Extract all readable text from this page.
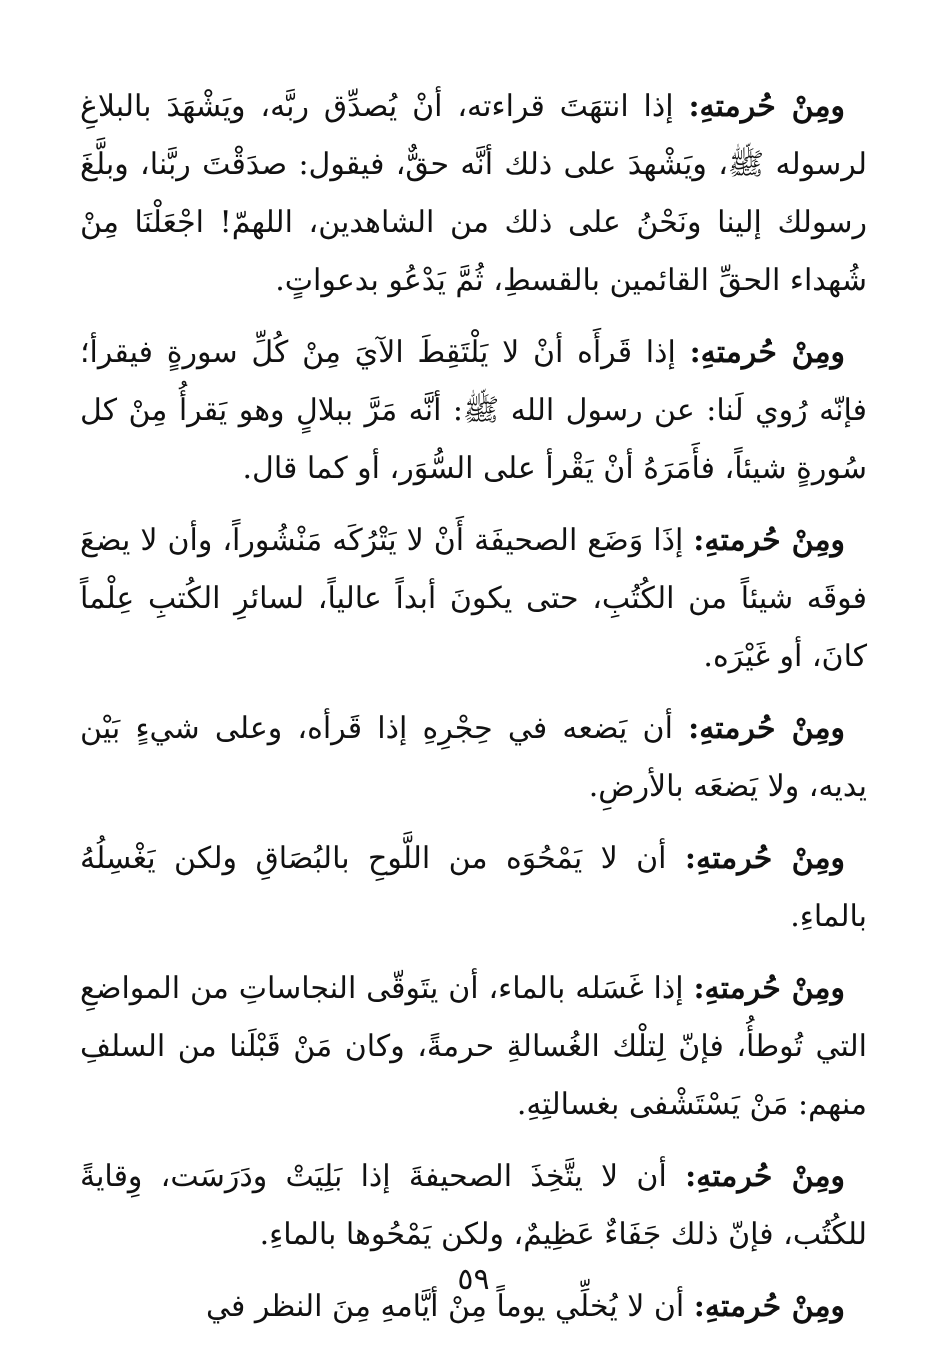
ومِنْ حُرمتهِ: إذا انتهَتَ قراءته، أنْ يُصدِّق ربَّه، ويَشْهَدَ بالبلاغِ لرسوله ﷺ، ويَشْهدَ على ذلك أنَّه حقٌّ، فيقول: صدَقْتَ ربَّنا، وبلَّغَ رسولك إلينا ونَحْنُ على ذلك من الشاهدين، اللهمّ! اجْعَلْنَا مِنْ شُهداء الحقِّ القائمين بالقسطِ، ثُمَّ يَدْعُو بدعواتٍ.

ومِنْ حُرمتهِ: إذا قَرأَه أنْ لا يَلْتَقِطَ الآيَ مِنْ كُلِّ سورةٍ فيقرأ؛ فإنّه رُوي لَنا: عن رسول الله ﷺ: أنَّه مَرَّ ببلالٍ وهو يَقرأُ مِنْ كل سُورةٍ شيئاً، فأَمَرَهُ أنْ يَقْرأ على السُّوَر، أو كما قال.

ومِنْ حُرمتهِ: إذَا وَضَع الصحيفَة أَنْ لا يَتْرُكَه مَنْشُوراً، وأن لا يضعَ فوقَه شيئاً من الكُتُبِ، حتى يكونَ أبداً عالياً، لسائرِ الكُتبِ عِلْماً كانَ، أو غَيْرَه.

ومِنْ حُرمتهِ: أن يَضعه في حِجْرِهِ إذا قَرأه، وعلى شيءٍ بَيْن يديه، ولا يَضعَه بالأرضِ.

ومِنْ حُرمتهِ: أن لا يَمْحُوَه من اللَّوحِ بالبُصَاقِ ولكن يَغْسِلُهُ بالماءِ.

ومِنْ حُرمتهِ: إذا غَسَله بالماء، أن يتَوقّى النجاساتِ من المواضعِ التي تُوطأُ، فإنّ لِتلْك الغُسالةِ حرمةً، وكان مَنْ قَبْلَنا من السلفِ منهم: مَنْ يَسْتَشْفى بغسالتِهِ.

ومِنْ حُرمتهِ: أن لا يتَّخِذَ الصحيفةَ إذا بَلِيَتْ ودَرَسَت، وِقايةً للكُتُب، فإنّ ذلك جَفَاءٌ عَظِيمٌ، ولكن يَمْحُوها بالماءِ.

ومِنْ حُرمتهِ: أن لا يُخلِّي يوماً مِنْ أيَّامهِ مِنَ النظر في

٥٩
